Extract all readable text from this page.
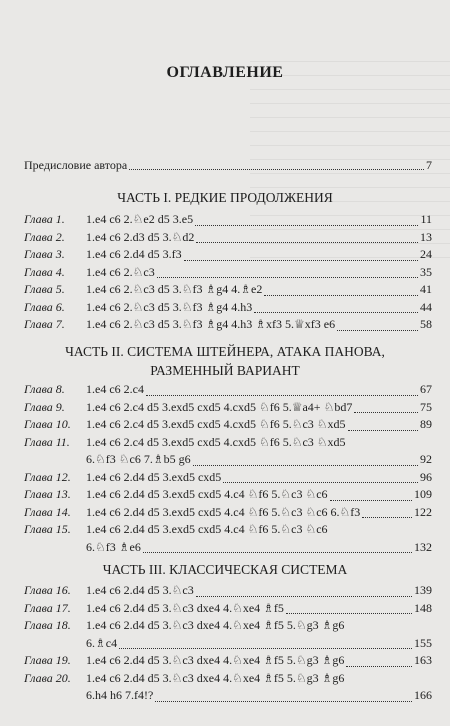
ОГЛАВЛЕНИЕ
Предисловие автора	7
ЧАСТЬ I. РЕДКИЕ ПРОДОЛЖЕНИЯ
Глава 1.	1.e4 c6 2.♘e2 d5 3.e5	11
Глава 2.	1.e4 c6 2.d3 d5 3.♘d2	13
Глава 3.	1.e4 c6 2.d4 d5 3.f3	24
Глава 4.	1.e4 c6 2.♘c3	35
Глава 5.	1.e4 c6 2.♘c3 d5 3.♘f3 ♗g4 4.♗e2	41
Глава 6.	1.e4 c6 2.♘c3 d5 3.♘f3 ♗g4 4.h3	44
Глава 7.	1.e4 c6 2.♘c3 d5 3.♘f3 ♗g4 4.h3 ♗xf3 5.♕xf3 e6	58
ЧАСТЬ II. СИСТЕМА ШТЕЙНЕРА, АТАКА ПАНОВА,
РАЗМЕННЫЙ ВАРИАНТ
Глава 8.	1.e4 c6 2.c4	67
Глава 9.	1.e4 c6 2.c4 d5 3.exd5 cxd5 4.cxd5 ♘f6 5.♕a4+ ♘bd7	75
Глава 10.	1.e4 c6 2.c4 d5 3.exd5 cxd5 4.cxd5 ♘f6 5.♘c3 ♘xd5	89
Глава 11.	1.e4 c6 2.c4 d5 3.exd5 cxd5 4.cxd5 ♘f6 5.♘c3 ♘xd5
6.♘f3 ♘c6 7.♗b5 g6	92
Глава 12.	1.e4 c6 2.d4 d5 3.exd5 cxd5	96
Глава 13.	1.e4 c6 2.d4 d5 3.exd5 cxd5 4.c4 ♘f6 5.♘c3 ♘c6	109
Глава 14.	1.e4 c6 2.d4 d5 3.exd5 cxd5 4.c4 ♘f6 5.♘c3 ♘c6 6.♘f3	122
Глава 15.	1.e4 c6 2.d4 d5 3.exd5 cxd5 4.c4 ♘f6 5.♘c3 ♘c6
6.♘f3 ♗e6	132
ЧАСТЬ III. КЛАССИЧЕСКАЯ СИСТЕМА
Глава 16.	1.e4 c6 2.d4 d5 3.♘c3	139
Глава 17.	1.e4 c6 2.d4 d5 3.♘c3 dxe4 4.♘xe4 ♗f5	148
Глава 18.	1.e4 c6 2.d4 d5 3.♘c3 dxe4 4.♘xe4 ♗f5 5.♘g3 ♗g6
6.♗c4	155
Глава 19.	1.e4 c6 2.d4 d5 3.♘c3 dxe4 4.♘xe4 ♗f5 5.♘g3 ♗g6	163
Глава 20.	1.e4 c6 2.d4 d5 3.♘c3 dxe4 4.♘xe4 ♗f5 5.♘g3 ♗g6
6.h4 h6 7.f4!?	166
